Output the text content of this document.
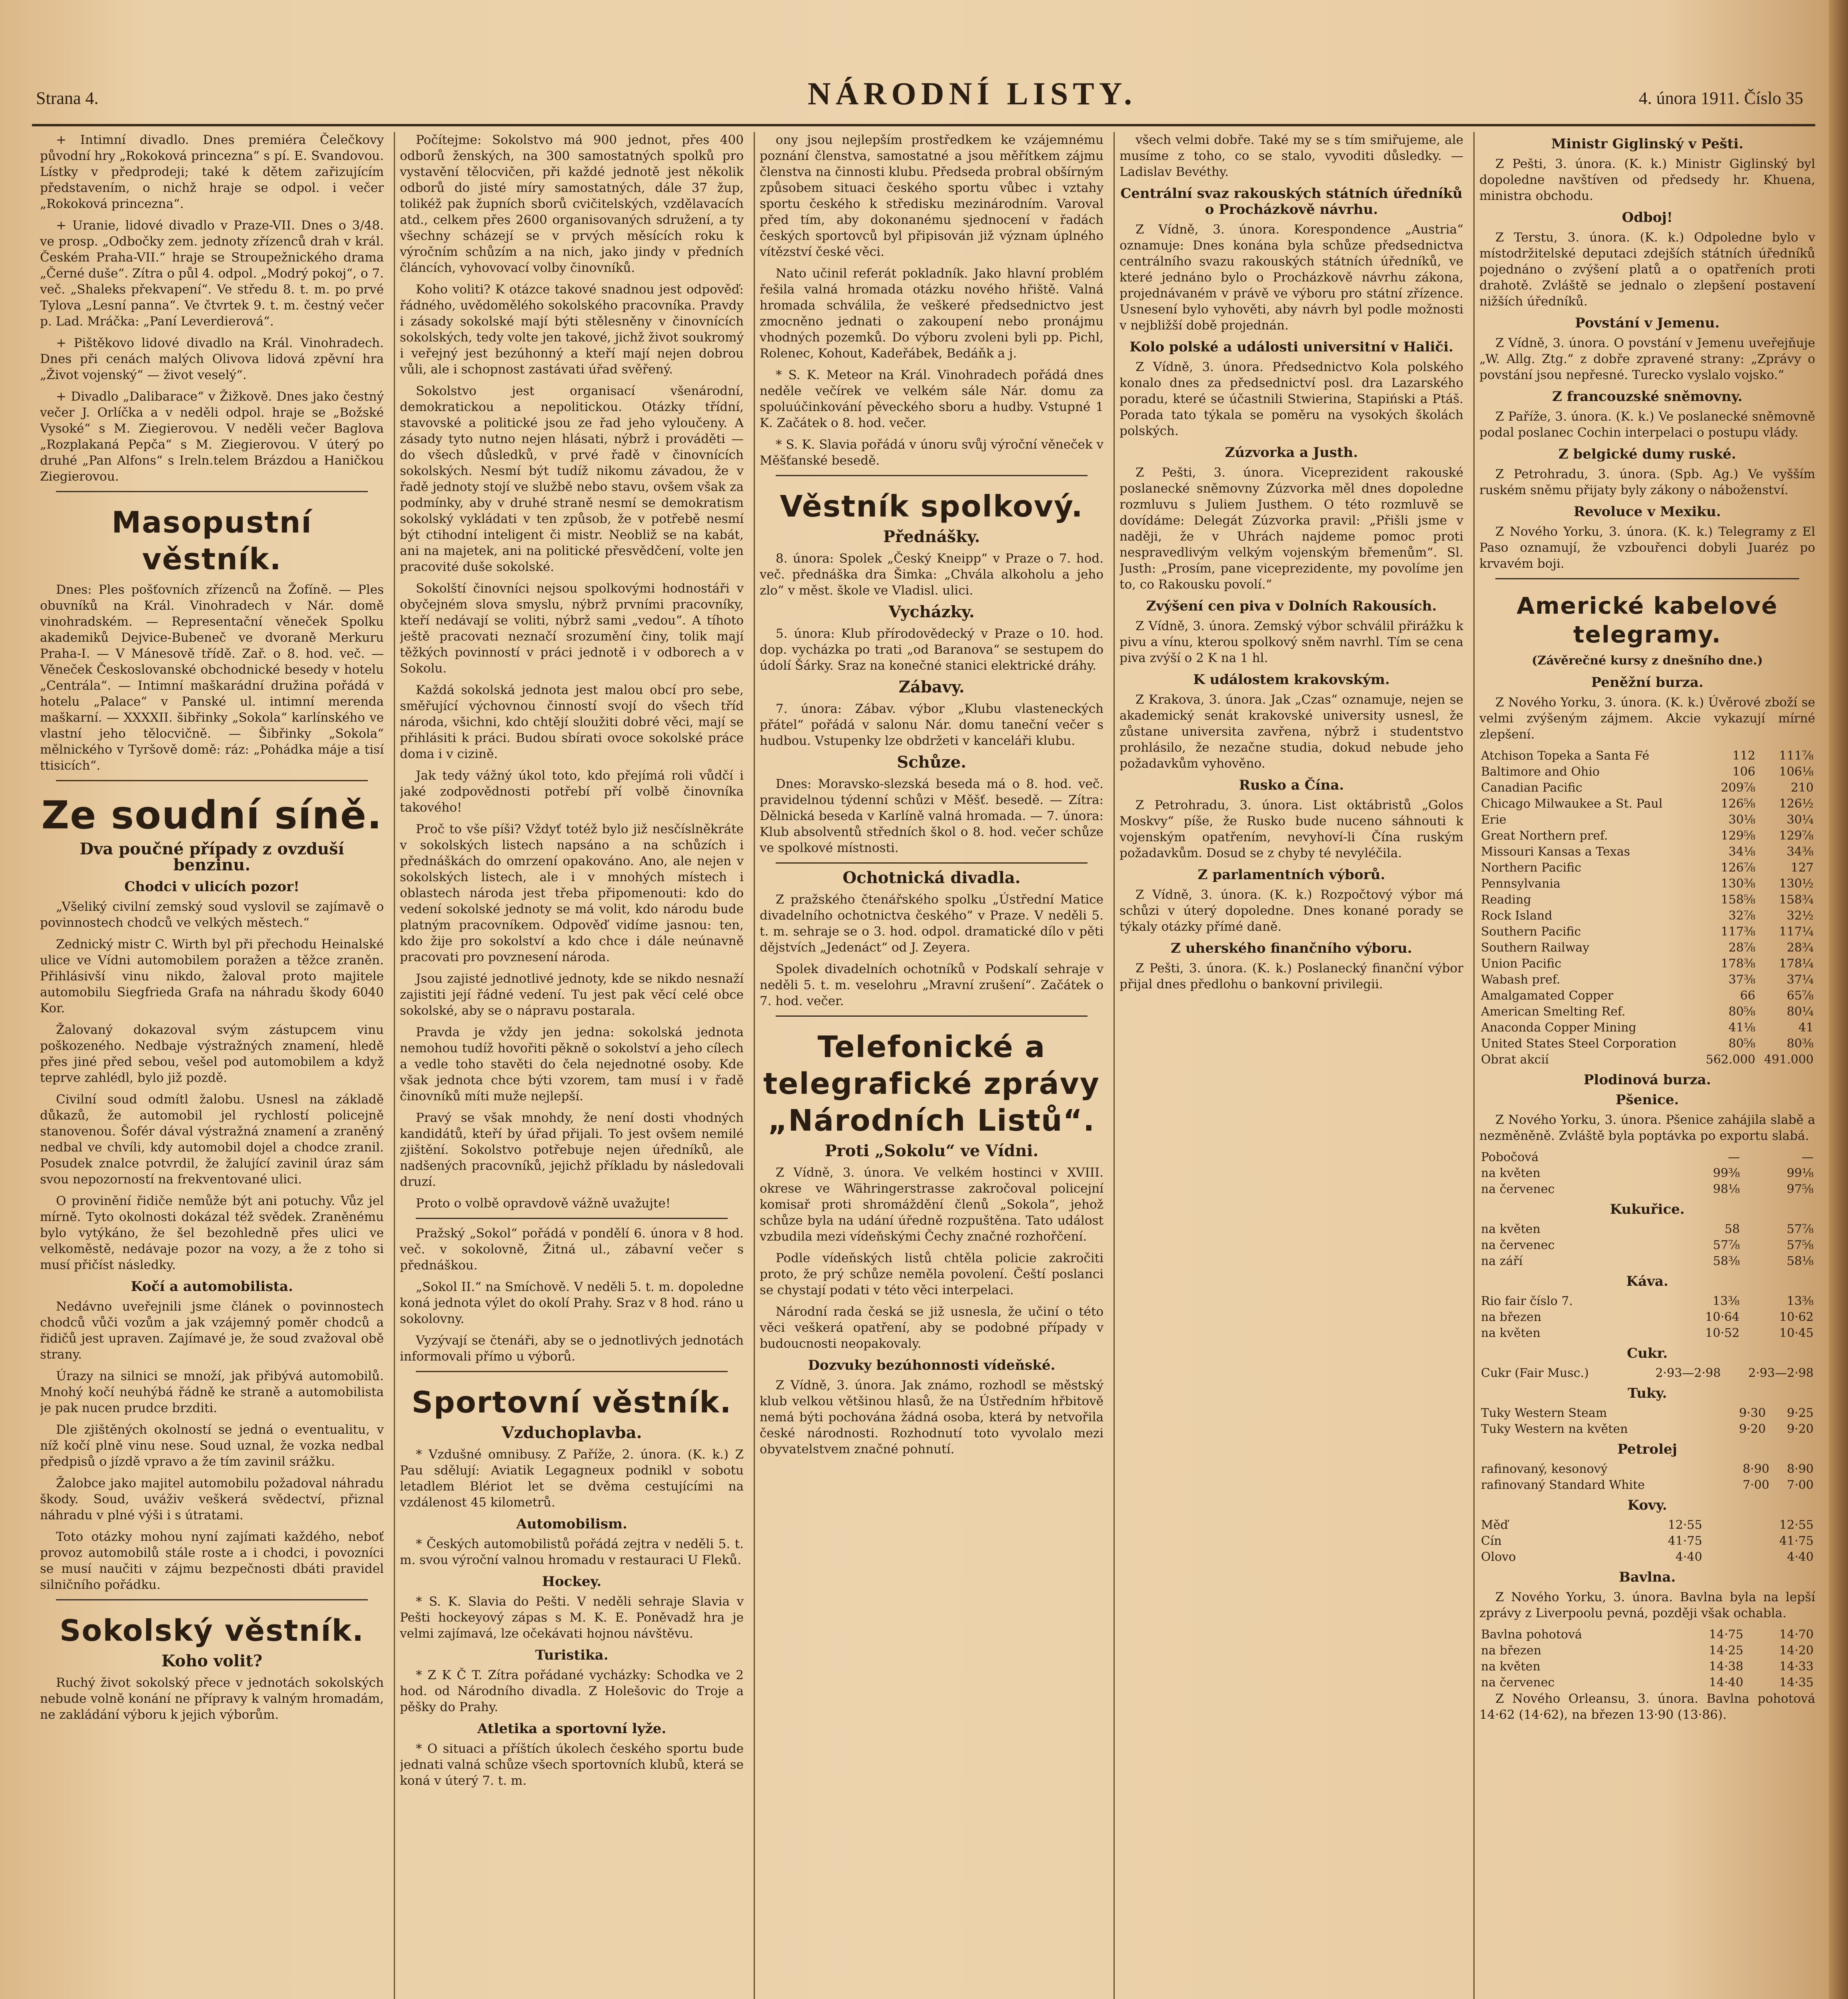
Strana 4.	NÁRODNÍ LISTY.	4. února 1911. Číslo 35

+ Intimní divadlo. Dnes premiéra Čelečkovy původní hry „Rokoková princezna“ s pí. E. Svandovou. Lístky v předprodeji; také k dětem zařizujícím představením, o nichž hraje se odpol. i večer „Rokoková princezna“.

+ Uranie, lidové divadlo v Praze-VII. Dnes o 3/48. ve prosp. „Odbočky zem. jednoty zřízenců drah v král. Českém Praha-VII.“ hraje se Stroupežnického drama „Černé duše“. Zítra o půl 4. odpol. „Modrý pokoj“, o 7. več. „Shaleks překvapení“. Ve středu 8. t. m. po prvé Tylova „Lesní panna“. Ve čtvrtek 9. t. m. čestný večer p. Lad. Mráčka: „Paní Leverdierová“.

+ Pištěkovo lidové divadlo na Král. Vinohradech. Dnes při cenách malých Olivova lidová zpěvní hra „Život vojenský“ — život veselý“.

+ Divadlo „Dalibarace“ v Žižkově. Dnes jako čestný večer J. Orlíčka a v neděli odpol. hraje se „Božské Vysoké“ s M. Ziegierovou. V neděli večer Baglova „Rozplakaná Pepča“ s M. Ziegierovou. V úterý po druhé „Pan Alfons“ s Ireln.telem Brázdou a Haničkou Ziegierovou.

Masopustní věstník.

Dnes: Ples pošťovních zřízenců na Žofíně. — Ples obuvníků na Král. Vinohradech v Nár. domě vinohradském. — Representační věneček Spolku akademiků Dejvice-Bubeneč ve dvoraně Merkuru Praha-I. — V Mánesově třídě. Zař. o 8. hod. več. — Věneček Českoslovanské obchodnické besedy v hotelu „Centrála“. — Intimní maškarádní družina pořádá v hotelu „Palace“ v Panské ul. intimní merenda maškarní. — XXXXII. šibřinky „Sokola“ karlínského ve vlastní jeho tělocvičně. — Šibřinky „Sokola“ mělnického v Tyršově domě: ráz: „Pohádka máje a tisí ttisicích“.

Ze soudní síně.
Dva poučné případy z ovzduší benzinu.
Chodci v ulicích pozor!

„Všeliký civilní zemský soud vyslovil se zajímavě o povinnostech chodců ve velkých městech.“

Zednický mistr C. Wirth byl při přechodu Heinalské ulice ve Vídni automobilem poražen a těžce zraněn. Přihlásivší vinu nikdo, žaloval proto majitele automobilu Siegfrieda Grafa na náhradu škody 6040 Kor.

Žalovaný dokazoval svým zástupcem vinu poškozeného. Nedbaje výstražných znamení, hledě přes jiné před sebou, vešel pod automobilem a když teprve zahlédl, bylo již pozdě.

Civilní soud odmítl žalobu. Usnesl na základě důkazů, že automobil jel rychlostí policejně stanovenou. Šofér dával výstražná znamení a zraněný nedbal ve chvíli, kdy automobil dojel a chodce zranil. Posudek znalce potvrdil, že žalující zavinil úraz sám svou nepozorností na frekventované ulici.

O provinění řidiče nemůže být ani potuchy. Vůz jel mírně. Tyto okolnosti dokázal též svědek. Zraněnému bylo vytýkáno, že šel bezohledně přes ulici ve velkoměstě, nedávaje pozor na vozy, a že z toho si musí přičíst následky.

Kočí a automobilista.

Nedávno uveřejnili jsme článek o povinnostech chodců vůči vozům a jak vzájemný poměr chodců a řidičů jest upraven. Zajímavé je, že soud zvažoval obě strany.

Úrazy na silnici se množí, jak přibývá automobilů. Mnohý kočí neuhýbá řádně ke straně a automobilista je pak nucen prudce brzditi.

Dle zjištěných okolností se jedná o eventualitu, v níž kočí plně vinu nese. Soud uznal, že vozka nedbal předpisů o jízdě vpravo a že tím zavinil srážku.

Žalobce jako majitel automobilu požadoval náhradu škody. Soud, uváživ veškerá svědectví, přiznal náhradu v plné výši i s útratami.

Toto otázky mohou nyní zajímati každého, neboť provoz automobilů stále roste a i chodci, i povozníci se musí naučiti v zájmu bezpečnosti dbáti pravidel silničního pořádku.

Sokolský věstník.
Koho volit?

Ruchý život sokolský přece v jednotách sokolských nebude volně konání ne přípravy k valným hromadám, ne zakládání výboru k jejich výborům.

Počítejme: Sokolstvo má 900 jednot, přes 400 odborů ženských, na 300 samostatných spolků pro vystavění tělocvičen, při každé jednotě jest několik odborů do jisté míry samostatných, dále 37 žup, tolikéž pak župních sborů cvičitelských, vzdělavacích atd., celkem přes 2600 organisovaných sdružení, a ty všechny scházejí se v prvých měsících roku k výročním schůzím a na nich, jako jindy v předních článcích, vyhovovací volby činovníků.

Koho voliti? K otázce takové snadnou jest odpověď: řádného, uvědomělého sokolského pracovníka. Pravdy i zásady sokolské mají býti stělesněny v činovnících sokolských, tedy volte jen takové, jichž život soukromý i veřejný jest bezúhonný a kteří mají nejen dobrou vůli, ale i schopnost zastávati úřad svěřený.

Sokolstvo jest organisací všenárodní, demokratickou a nepolitickou. Otázky třídní, stavovské a politické jsou ze řad jeho vyloučeny. A zásady tyto nutno nejen hlásati, nýbrž i prováděti — do všech důsledků, v prvé řadě v činovnících sokolských. Nesmí být tudíž nikomu závadou, že v řadě jednoty stojí ve službě nebo stavu, ovšem však za podmínky, aby v druhé straně nesmí se demokratism sokolský vykládati v ten způsob, že v potřebě nesmí být ctihodní inteligent či mistr. Neobliž se na kabát, ani na majetek, ani na politické přesvědčení, volte jen pracovité duše sokolské.

Sokolští činovníci nejsou spolkovými hodnostáři v obyčejném slova smyslu, nýbrž prvními pracovníky, kteří nedávají se voliti, nýbrž sami „vedou“. A tíhoto ještě pracovati neznačí srozumění činy, tolik mají těžkých povinností v práci jednotě i v odborech a v Sokolu.

Každá sokolská jednota jest malou obcí pro sebe, směřující výchovnou činností svojí do všech tříd národa, všichni, kdo chtějí sloužiti dobré věci, mají se přihlásiti k práci. Budou sbírati ovoce sokolské práce doma i v cizině.

Jak tedy vážný úkol toto, kdo přejímá roli vůdčí i jaké zodpovědnosti potřebí pří volbě činovníka takového!

Proč to vše píši? Vždyť totéž bylo již nesčíslněkráte v sokolských listech napsáno a na schůzích i přednáškách do omrzení opakováno. Ano, ale nejen v sokolských listech, ale i v mnohých místech i oblastech národa jest třeba připomenouti: kdo do vedení sokolské jednoty se má volit, kdo národu bude platným pracovníkem. Odpověď vidíme jasnou: ten, kdo žije pro sokolství a kdo chce i dále neúnavně pracovati pro povznesení národa.

Jsou zajisté jednotlivé jednoty, kde se nikdo nesnaží zajistiti její řádné vedení. Tu jest pak věcí celé obce sokolské, aby se o nápravu postarala.

Pravda je vždy jen jedna: sokolská jednota nemohou tudíž hovořiti pěkně o sokolství a jeho cílech a vedle toho stavěti do čela nejednotné osoby. Kde však jednota chce býti vzorem, tam musí i v řadě činovníků míti muže nejlepší.

Pravý se však mnohdy, že není dosti vhodných kandidátů, kteří by úřad přijali. To jest ovšem nemilé zjištění. Sokolstvo potřebuje nejen úředníků, ale nadšených pracovníků, jejichž příkladu by následovali druzí.

Proto o volbě opravdově vážně uvažujte!

Pražský „Sokol“ pořádá v pondělí 6. února v 8 hod. več. v sokolovně, Žitná ul., zábavní večer s přednáškou.

„Sokol II.“ na Smíchově. V neděli 5. t. m. dopoledne koná jednota výlet do okolí Prahy. Sraz v 8 hod. ráno u sokolovny.

Vyzývají se čtenáři, aby se o jednotlivých jednotách informovali přímo u výborů.

Sportovní věstník.
Vzduchoplavba.

* Vzdušné omnibusy. Z Paříže, 2. února. (K. k.) Z Pau sdělují: Aviatik Legagneux podnikl v sobotu letadlem Blériot let se dvěma cestujícími na vzdálenost 45 kilometrů.

Automobilism.

* Českých automobilistů pořádá zejtra v neděli 5. t. m. svou výroční valnou hromadu v restauraci U Fleků.

Hockey.

* S. K. Slavia do Pešti. V neděli sehraje Slavia v Pešti hockeyový zápas s M. K. E. Poněvadž hra je velmi zajímavá, lze očekávati hojnou návštěvu.

Turistika.

* Z K Č T. Zítra pořádané vycházky: Schodka ve 2 hod. od Národního divadla. Z Holešovic do Troje a pěšky do Prahy.

Atletika a sportovní lyže.

* O situaci a příštích úkolech českého sportu bude jednati valná schůze všech sportovních klubů, která se koná v úterý 7. t. m.

ony jsou nejlepším prostředkem ke vzájemnému poznání členstva, samostatné a jsou měřítkem zájmu členstva na činnosti klubu. Předseda probral obšírným způsobem situaci českého sportu vůbec i vztahy sportu českého k středisku mezinárodním. Varoval před tím, aby dokonanému sjednocení v řadách českých sportovců byl připisován již význam úplného vítězství české věci.

Nato učinil referát pokladník. Jako hlavní problém řešila valná hromada otázku nového hřiště. Valná hromada schválila, že veškeré předsednictvo jest zmocněno jednati o zakoupení nebo pronájmu vhodných pozemků. Do výboru zvoleni byli pp. Pichl, Rolenec, Kohout, Kadeřábek, Bedáňk a j.

* S. K. Meteor na Král. Vinohradech pořádá dnes neděle večírek ve velkém sále Nár. domu za spoluúčinkování pěveckého sboru a hudby. Vstupné 1 K. Začátek o 8. hod. večer.

* S. K. Slavia pořádá v únoru svůj výroční věneček v Měšťanské besedě.

Věstník spolkový.
Přednášky.

8. února: Spolek „Český Kneipp“ v Praze o 7. hod. več. přednáška dra Šimka: „Chvála alkoholu a jeho zlo“ v měst. škole ve Vladisl. ulici.

Vycházky.

5. února: Klub přírodovědecký v Praze o 10. hod. dop. vycházka po trati „od Baranova“ se sestupem do údolí Šárky. Sraz na konečné stanici elektrické dráhy.

Zábavy.

7. února: Zábav. výbor „Klubu vlasteneckých přátel“ pořádá v salonu Nár. domu taneční večer s hudbou. Vstupenky lze obdržeti v kanceláři klubu.

Schůze.

Dnes: Moravsko-slezská beseda má o 8. hod. več. pravidelnou týdenní schůzi v Měšť. besedě. — Zítra: Dělnická beseda v Karlíně valná hromada. — 7. února: Klub absolventů středních škol o 8. hod. večer schůze ve spolkové místnosti.

Ochotnická divadla.

Z pražského čtenářského spolku „Ústřední Matice divadelního ochotnictva českého“ v Praze. V neděli 5. t. m. sehraje se o 3. hod. odpol. dramatické dílo v pěti dějstvích „Jedenáct“ od J. Zeyera.

Spolek divadelních ochotníků v Podskalí sehraje v neděli 5. t. m. veselohru „Mravní zrušení“. Začátek o 7. hod. večer.

Telefonické a telegrafické zprávy „Národních Listů“.
Proti „Sokolu“ ve Vídni.

Z Vídně, 3. února. Ve velkém hostinci v XVIII. okrese ve Währingerstrasse zakročoval policejní komisař proti shromáždění členů „Sokola“, jehož schůze byla na udání úředně rozpuštěna. Tato událost vzbudila mezi vídeňskými Čechy značné rozhořčení.

Podle vídeňských listů chtěla policie zakročiti proto, že prý schůze neměla povolení. Čeští poslanci se chystají podati v této věci interpelaci.

Národní rada česká se již usnesla, že učiní o této věci veškerá opatření, aby se podobné případy v budoucnosti neopakovaly.

Dozvuky bezúhonnosti vídeňské.

Z Vídně, 3. února. Jak známo, rozhodl se městský klub velkou většinou hlasů, že na Ústředním hřbitově nemá býti pochována žádná osoba, která by netvořila české národnosti. Rozhodnutí toto vyvolalo mezi obyvatelstvem značné pohnutí.

všech velmi dobře. Také my se s tím smiřujeme, ale musíme z toho, co se stalo, vyvoditi důsledky. — Ladislav Bevéthy.

Centrální svaz rakouských státních úředníků o Procházkově návrhu.

Z Vídně, 3. února. Korespondence „Austria“ oznamuje: Dnes konána byla schůze předsednictva centrálního svazu rakouských státních úředníků, ve které jednáno bylo o Procházkově návrhu zákona, projednávaném v právě ve výboru pro státní zřízence. Usnesení bylo vyhověti, aby návrh byl podle možnosti v nejbližší době projednán.

Kolo polské a události universitní v Haliči.

Z Vídně, 3. února. Předsednictvo Kola polského konalo dnes za předsednictví posl. dra Lazarského poradu, které se účastnili Stwierina, Stapiński a Ptáš. Porada tato týkala se poměru na vysokých školách polských.

Zúzvorka a Justh.

Z Pešti, 3. února. Viceprezident rakouské poslanecké sněmovny Zúzvorka měl dnes dopoledne rozmluvu s Juliem Justhem. O této rozmluvě se dovídáme: Delegát Zúzvorka pravil: „Přišli jsme v naději, že v Uhrách najdeme pomoc proti nespravedlivým velkým vojenským břemenům“. Sl. Justh: „Prosím, pane viceprezidente, my povolíme jen to, co Rakousku povolí.“

Zvýšení cen piva v Dolních Rakousích.

Z Vídně, 3. února. Zemský výbor schválil přirážku k pivu a vínu, kterou spolkový sněm navrhl. Tím se cena piva zvýší o 2 K na 1 hl.

K událostem krakovským.

Z Krakova, 3. února. Jak „Czas“ oznamuje, nejen se akademický senát krakovské university usnesl, že zůstane universita zavřena, nýbrž i studentstvo prohlásilo, že nezačne studia, dokud nebude jeho požadavkům vyhověno.

Rusko a Čína.

Z Petrohradu, 3. února. List oktábristů „Golos Moskvy“ píše, že Rusko bude nuceno sáhnouti k vojenským opatřením, nevyhoví-li Čína ruským požadavkům. Dosud se z chyby té nevyléčila.

Z parlamentních výborů.

Z Vídně, 3. února. (K. k.) Rozpočtový výbor má schůzi v úterý dopoledne. Dnes konané porady se týkaly otázky přímé daně.

Z uherského finančního výboru.

Z Pešti, 3. února. (K. k.) Poslanecký finanční výbor přijal dnes předlohu o bankovní privilegii.

Ministr Giglinský v Pešti.

Z Pešti, 3. února. (K. k.) Ministr Giglinský byl dopoledne navštíven od předsedy hr. Khuena, ministra obchodu.

Odboj!

Z Terstu, 3. února. (K. k.) Odpoledne bylo v místodržitelské deputaci zdejších státních úředníků pojednáno o zvýšení platů a o opatřeních proti drahotě. Zvláště se jednalo o zlepšení postavení nižších úředníků.

Povstání v Jemenu.

Z Vídně, 3. února. O povstání v Jemenu uveřejňuje „W. Allg. Ztg.“ z dobře zpravené strany: „Zprávy o povstání jsou nepřesné. Turecko vyslalo vojsko.“

Z francouzské sněmovny.

Z Paříže, 3. února. (K. k.) Ve poslanecké sněmovně podal poslanec Cochin interpelaci o postupu vlády.

Z belgické dumy ruské.

Z Petrohradu, 3. února. (Spb. Ag.) Ve vyšším ruském sněmu přijaty byly zákony o náboženství.

Revoluce v Mexiku.

Z Nového Yorku, 3. února. (K. k.) Telegramy z El Paso oznamují, že vzbouřenci dobyli Juaréz po krvavém boji.

Americké kabelové telegramy.
(Závěrečné kursy z dnešního dne.)
Peněžní burza.

Z Nového Yorku, 3. února. (K. k.) Úvěrové zboží se velmi zvýšeným zájmem. Akcie vykazují mírné zlepšení.

Atchison Topeka a Santa Fé	112	111⅞
Baltimore and Ohio	106	106⅛
Canadian Pacific	209⅞	210
Chicago Milwaukee a St. Paul	126⅝	126½
Erie	30⅛	30¼
Great Northern pref.	129⅝	129⅞
Missouri Kansas a Texas	34⅛	34⅜
Northern Pacific	126⅞	127
Pennsylvania	130⅜	130½
Reading	158⅝	158¾
Rock Island	32⅞	32½
Southern Pacific	117⅜	117¼
Southern Railway	28⅞	28¾
Union Pacific	178⅜	178¼
Wabash pref.	37⅜	37¼
Amalgamated Copper	66	65⅞
American Smelting Ref.	80⅝	80¼
Anaconda Copper Mining	41⅛	41
United States Steel Corporation	80⅝	80⅜
Obrat akcií	562.000	491.000
Plodinová burza.
Pšenice.

Z Nového Yorku, 3. února. Pšenice zahájila slabě a nezměněně. Zvláště byla poptávka po exportu slabá.

Pobočová	—	—
na květen	99⅜	99⅛
na červenec	98⅛	97⅝
Kukuřice.
na květen	58	57⅞
na červenec	57⅞	57⅝
na září	58⅜	58⅛
Káva.
Rio fair číslo 7.	13⅜	13⅜
na březen	10·64	10·62
na květen	10·52	10·45
Cukr.
Cukr (Fair Musc.)	2·93—2·98	2·93—2·98
Tuky.
Tuky Western Steam	9·30	9·25
Tuky Western na květen	9·20	9·20
Petrolej
rafinovaný, kesonový	8·90	8·90
rafinovaný Standard White	7·00	7·00
Kovy.
Měď	12·55	12·55
Cín	41·75	41·75
Olovo	4·40	4·40
Bavlna.

Z Nového Yorku, 3. února. Bavlna byla na lepší zprávy z Liverpoolu pevná, později však ochabla.

Bavlna pohotová	14·75	14·70
na březen	14·25	14·20
na květen	14·38	14·33
na červenec	14·40	14·35

Z Nového Orleansu, 3. února. Bavlna pohotová 14·62 (14·62), na březen 13·90 (13·86).
